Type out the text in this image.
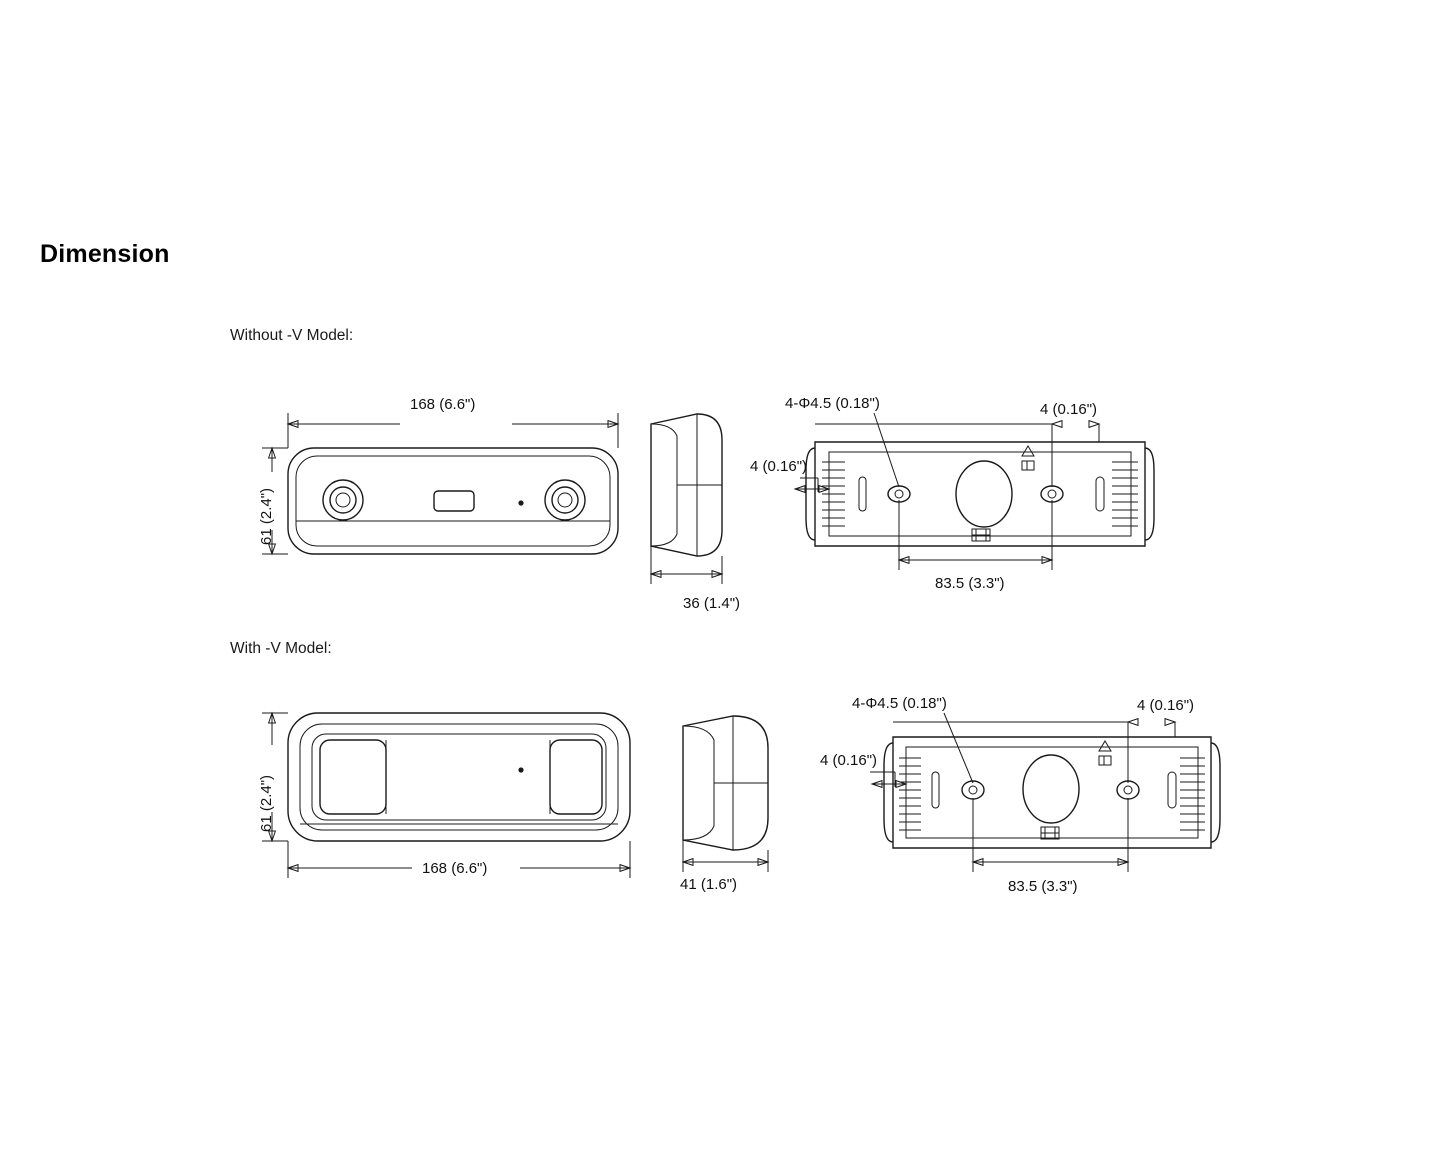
Dimension
Without -V Model:
With -V Model:
168 (6.6")
61 (2.4")
36 (1.4")
4-Φ4.5 (0.18")	4 (0.16")
4 (0.16")
83.5 (3.3")
61 (2.4")
168 (6.6")
41 (1.6")
4-Φ4.5 (0.18")	4 (0.16")
4 (0.16")
83.5 (3.3")
